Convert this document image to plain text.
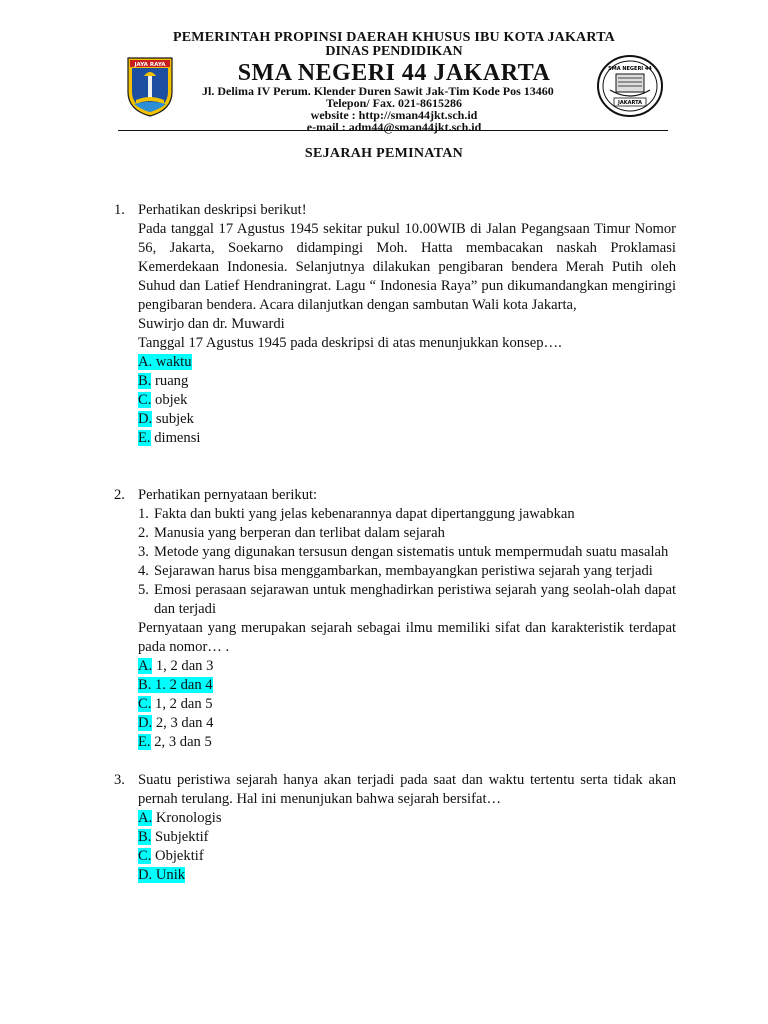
JAYA RAYA
PEMERINTAH PROPINSI DAERAH KHUSUS IBU KOTA JAKARTA
DINAS PENDIDIKAN
SMA NEGERI 44 JAKARTA
Jl. Delima IV Perum. Klender Duren Sawit Jak-Tim Kode Pos 13460
Telepon/ Fax. 021-8615286
website : http://sman44jkt.sch.id
e-mail : adm44@sman44jkt.sch.id
SMA NEGERI 44
JAKARTA
SEJARAH PEMINATAN
1. Perhatikan deskripsi berikut!
Pada tanggal 17 Agustus 1945 sekitar pukul 10.00WIB di Jalan Pegangsaan Timur Nomor 56, Jakarta, Soekarno didampingi Moh. Hatta membacakan naskah Proklamasi Kemerdekaan Indonesia. Selanjutnya dilakukan pengibaran bendera Merah Putih oleh Suhud dan Latief Hendraningrat. Lagu “ Indonesia Raya” pun dikumandangkan mengiringi pengibaran bendera. Acara dilanjutkan dengan sambutan Wali kota Jakarta,
Suwirjo dan dr. Muwardi
Tanggal 17 Agustus 1945 pada deskripsi di atas menunjukkan konsep….
A. waktu
B. ruang
C. objek
D. subjek
E. dimensi
2. Perhatikan pernyataan berikut:
1. Fakta dan bukti yang jelas kebenarannya dapat dipertanggung jawabkan
2. Manusia yang berperan dan terlibat dalam sejarah
3. Metode yang digunakan tersusun dengan sistematis untuk mempermudah suatu masalah
4. Sejarawan harus bisa menggambarkan, membayangkan peristiwa sejarah yang terjadi
5. Emosi perasaan sejarawan untuk menghadirkan peristiwa sejarah yang seolah-olah dapat dan terjadi
Pernyataan yang merupakan sejarah sebagai ilmu memiliki sifat dan karakteristik terdapat pada nomor… .
A. 1, 2 dan 3
B. 1. 2 dan 4
C. 1, 2 dan 5
D. 2, 3 dan 4
E. 2, 3 dan 5
3. Suatu peristiwa sejarah hanya akan terjadi pada saat dan waktu tertentu serta tidak akan pernah terulang. Hal ini menunjukan bahwa sejarah bersifat…
A. Kronologis
B. Subjektif
C. Objektif
D. Unik
